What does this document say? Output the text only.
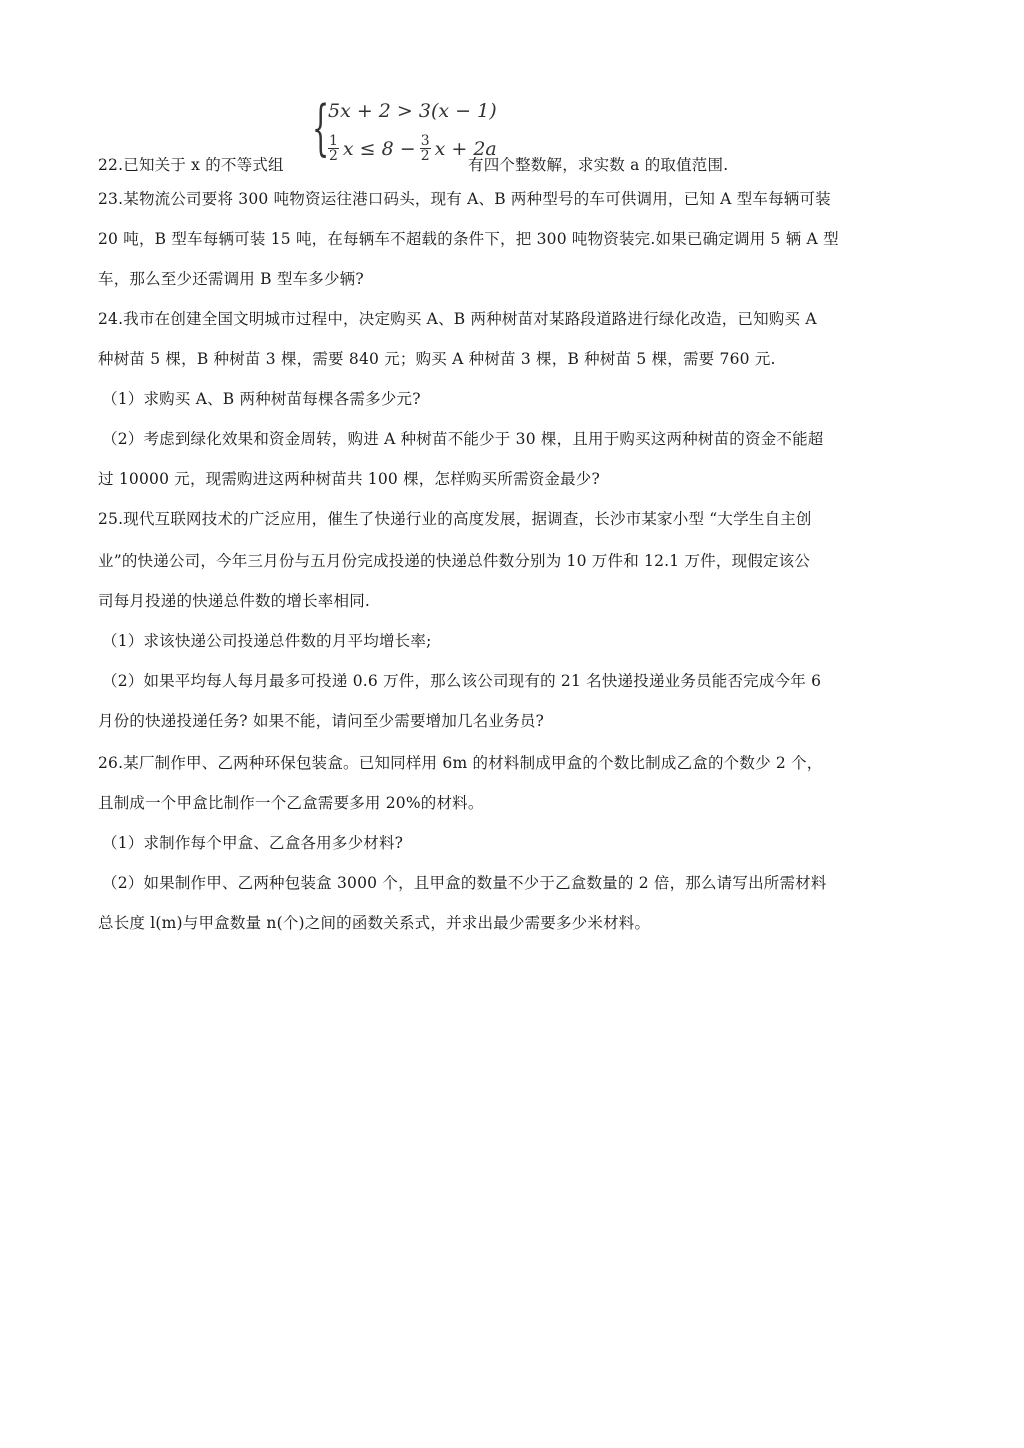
{
5x + 2 > 3(x − 1)
$\frac{1}{2}$ $x \le 8 - \frac{3}{2}$ x + 2a
22.已知关于 x 的不等式组	有四个整数解，求实数 a 的取值范围.
23.某物流公司要将 300 吨物资运往港口码头，现有 A、B 两种型号的车可供调用，已知 A 型车每辆可装
20 吨，B 型车每辆可装 15 吨，在每辆车不超载的条件下，把 300 吨物资装完.如果已确定调用 5 辆 A 型
车，那么至少还需调用 B 型车多少辆?
24.我市在创建全国文明城市过程中，决定购买 A、B 两种树苗对某路段道路进行绿化改造，已知购买 A
种树苗 5 棵，B 种树苗 3 棵，需要 840 元；购买 A 种树苗 3 棵，B 种树苗 5 棵，需要 760 元.
（1）求购买 A、B 两种树苗每棵各需多少元?
（2）考虑到绿化效果和资金周转，购进 A 种树苗不能少于 30 棵，且用于购买这两种树苗的资金不能超
过 10000 元，现需购进这两种树苗共 100 棵，怎样购买所需资金最少?
25.现代互联网技术的广泛应用，催生了快递行业的高度发展，据调查，长沙市某家小型 “大学生自主创
业”的快递公司，今年三月份与五月份完成投递的快递总件数分别为 10 万件和 12.1 万件，现假定该公
司每月投递的快递总件数的增长率相同.
（1）求该快递公司投递总件数的月平均增长率;
（2）如果平均每人每月最多可投递 0.6 万件，那么该公司现有的 21 名快递投递业务员能否完成今年 6
月份的快递投递任务? 如果不能，请问至少需要增加几名业务员?
26.某厂制作甲、乙两种环保包装盒。已知同样用 6m 的材料制成甲盒的个数比制成乙盒的个数少 2 个，
且制成一个甲盒比制作一个乙盒需要多用 20%的材料。
（1）求制作每个甲盒、乙盒各用多少材料?
（2）如果制作甲、乙两种包装盒 3000 个，且甲盒的数量不少于乙盒数量的 2 倍，那么请写出所需材料
总长度 l(m)与甲盒数量 n(个)之间的函数关系式，并求出最少需要多少米材料。
